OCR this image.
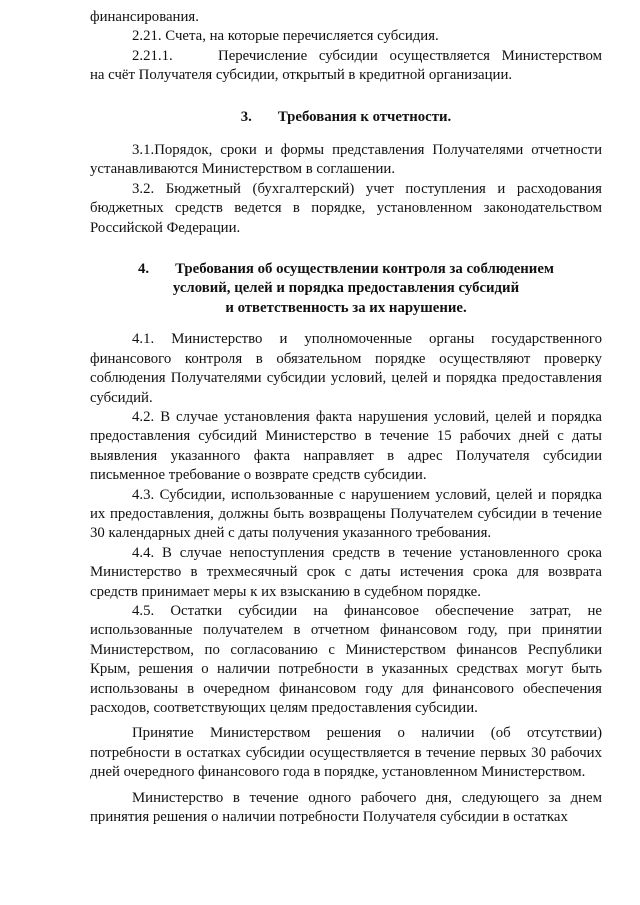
финансирования.

2.21. Счета, на которые перечисляется субсидия.

2.21.1.	Перечисление субсидии осуществляется Министерством

на счёт Получателя субсидии, открытый в кредитной организации.

3. Требования к отчетности.

3.1.Порядок, сроки и формы представления Получателями отчетности устанавливаются Министерством в соглашении.

3.2. Бюджетный (бухгалтерский) учет поступления и расходования бюджетных средств ведется в порядке, установленном законодательством Российской Федерации.

4. Требования об осуществлении контроля за соблюдением
условий, целей и порядка предоставления субсидий
и ответственность за их нарушение.

4.1. Министерство и уполномоченные органы государственного финансового контроля в обязательном порядке осуществляют проверку соблюдения Получателями субсидии условий, целей и порядка предоставления субсидий.

4.2. В случае установления факта нарушения условий, целей и порядка предоставления субсидий Министерство в течение 15 рабочих дней с даты выявления указанного факта направляет в адрес Получателя субсидии письменное требование о возврате средств субсидии.

4.3. Субсидии, использованные с нарушением условий, целей и порядка их предоставления, должны быть возвращены Получателем субсидии в течение 30 календарных дней с даты получения указанного требования.

4.4. В случае непоступления средств в течение установленного срока Министерство в трехмесячный срок с даты истечения срока для возврата средств принимает меры к их взысканию в судебном порядке.

4.5. Остатки субсидии на финансовое обеспечение затрат, не использованные получателем в отчетном финансовом году, при принятии Министерством, по согласованию с Министерством финансов Республики Крым, решения о наличии потребности в указанных средствах могут быть использованы в очередном финансовом году для финансового обеспечения расходов, соответствующих целям предоставления субсидии.

Принятие Министерством решения о наличии (об отсутствии) потребности в остатках субсидии осуществляется в течение первых 30 рабочих дней очередного финансового года в порядке, установленном Министерством.

Министерство в течение одного рабочего дня, следующего за днем принятия решения о наличии потребности Получателя субсидии в остатках
